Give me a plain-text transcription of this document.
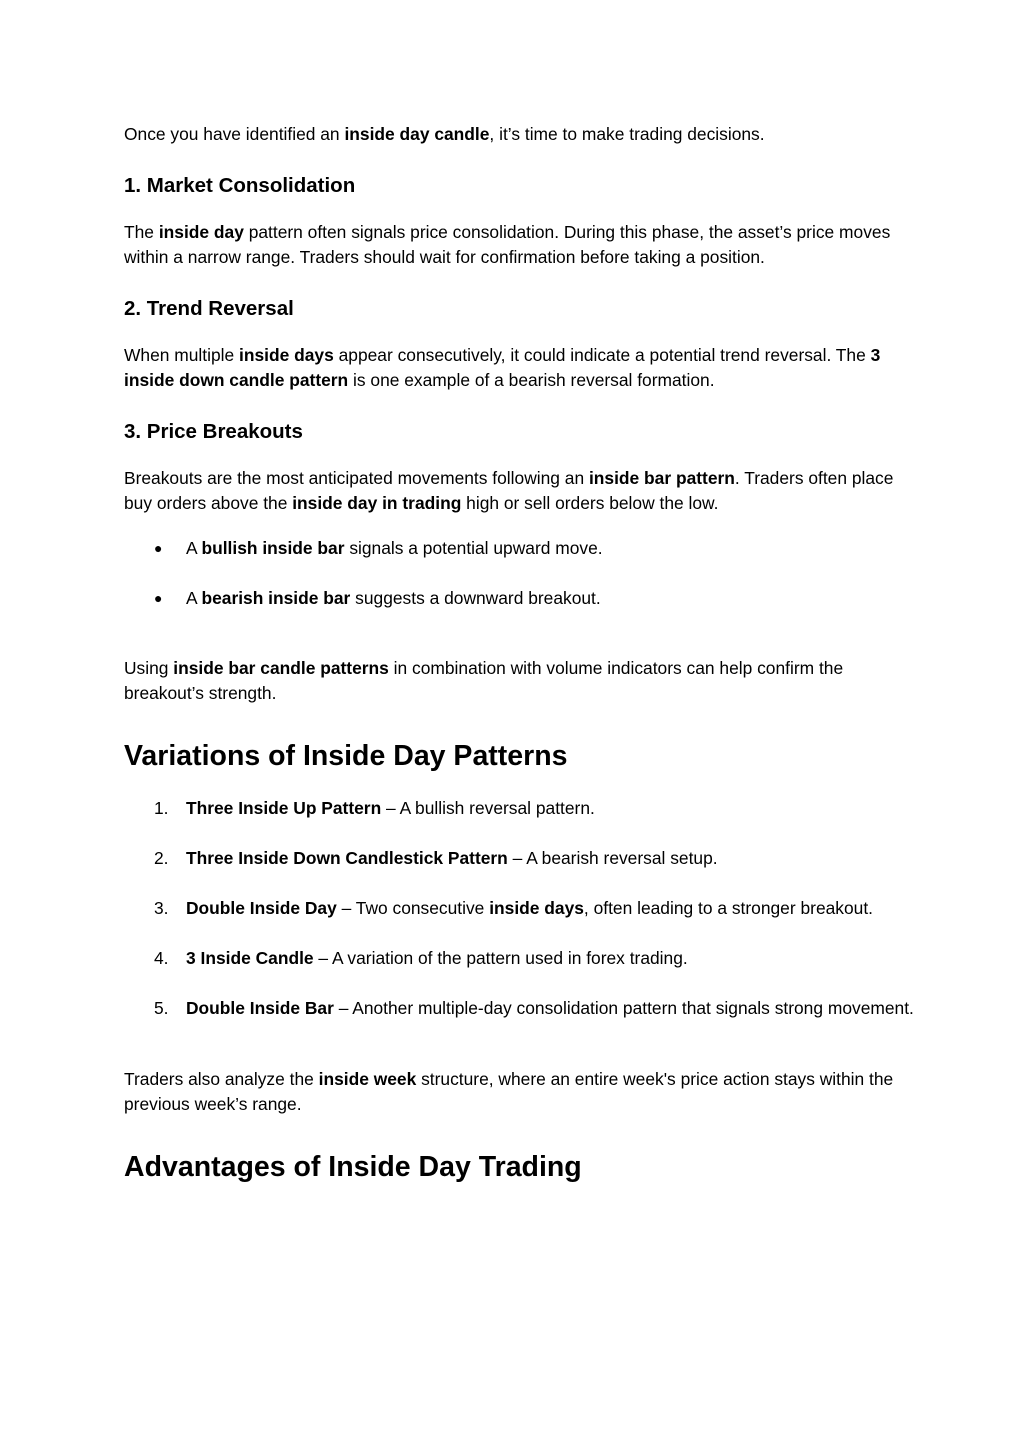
Once you have identified an inside day candle, it’s time to make trading decisions.

1. Market Consolidation

The inside day pattern often signals price consolidation. During this phase, the asset’s price moves within a narrow range. Traders should wait for confirmation before taking a position.

2. Trend Reversal

When multiple inside days appear consecutively, it could indicate a potential trend reversal. The 3 inside down candle pattern is one example of a bearish reversal formation.

3. Price Breakouts

Breakouts are the most anticipated movements following an inside bar pattern. Traders often place buy orders above the inside day in trading high or sell orders below the low.

● A bullish inside bar signals a potential upward move.
● A bearish inside bar suggests a downward breakout.

Using inside bar candle patterns in combination with volume indicators can help confirm the breakout’s strength.

Variations of Inside Day Patterns
1. Three Inside Up Pattern – A bullish reversal pattern.
2. Three Inside Down Candlestick Pattern – A bearish reversal setup.
3. Double Inside Day – Two consecutive inside days, often leading to a stronger breakout.
4. 3 Inside Candle – A variation of the pattern used in forex trading.
5. Double Inside Bar – Another multiple-day consolidation pattern that signals strong movement.

Traders also analyze the inside week structure, where an entire week's price action stays within the previous week’s range.

Advantages of Inside Day Trading
